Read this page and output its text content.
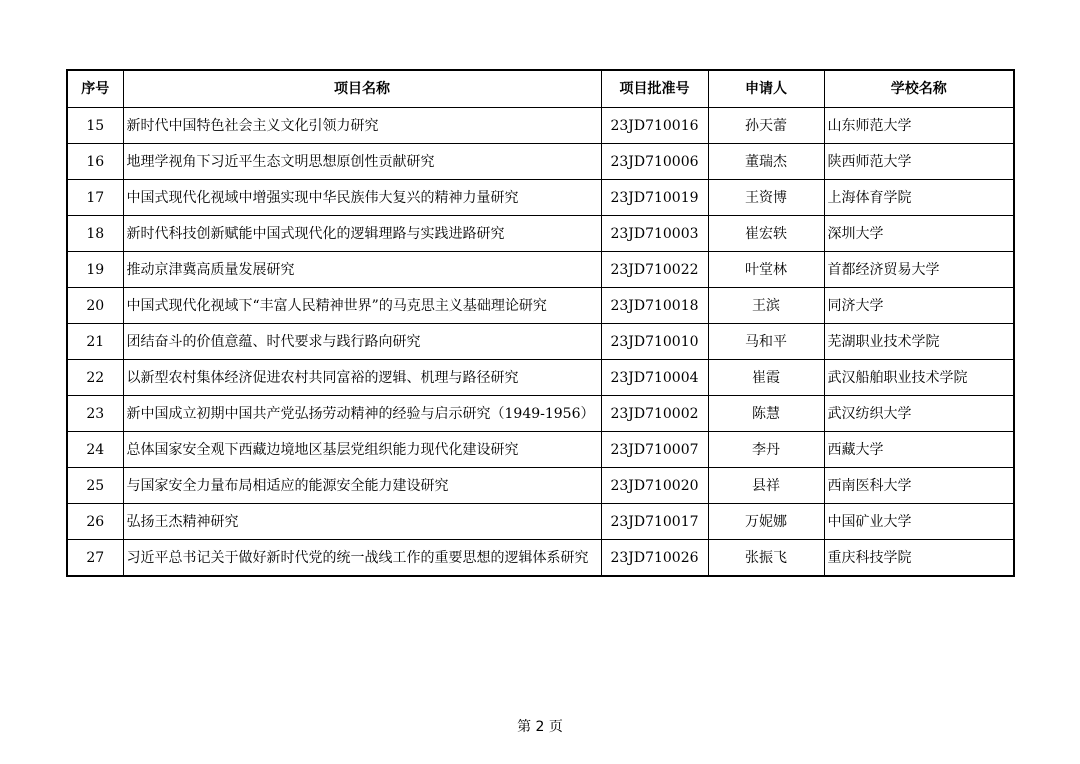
序号	项目名称	项目批准号	申请人	学校名称
15	新时代中国特色社会主义文化引领力研究	23JD710016	孙天蕾	山东师范大学
16	地理学视角下习近平生态文明思想原创性贡献研究	23JD710006	董瑞杰	陕西师范大学
17	中国式现代化视域中增强实现中华民族伟大复兴的精神力量研究	23JD710019	王资博	上海体育学院
18	新时代科技创新赋能中国式现代化的逻辑理路与实践进路研究	23JD710003	崔宏轶	深圳大学
19	推动京津冀高质量发展研究	23JD710022	叶堂林	首都经济贸易大学
20	中国式现代化视域下“丰富人民精神世界”的马克思主义基础理论研究	23JD710018	王滨	同济大学
21	团结奋斗的价值意蕴、时代要求与践行路向研究	23JD710010	马和平	芜湖职业技术学院
22	以新型农村集体经济促进农村共同富裕的逻辑、机理与路径研究	23JD710004	崔霞	武汉船舶职业技术学院
23	新中国成立初期中国共产党弘扬劳动精神的经验与启示研究（1949-1956）	23JD710002	陈慧	武汉纺织大学
24	总体国家安全观下西藏边境地区基层党组织能力现代化建设研究	23JD710007	李丹	西藏大学
25	与国家安全力量布局相适应的能源安全能力建设研究	23JD710020	县祥	西南医科大学
26	弘扬王杰精神研究	23JD710017	万妮娜	中国矿业大学
27	习近平总书记关于做好新时代党的统一战线工作的重要思想的逻辑体系研究	23JD710026	张振飞	重庆科技学院
第 2 页
